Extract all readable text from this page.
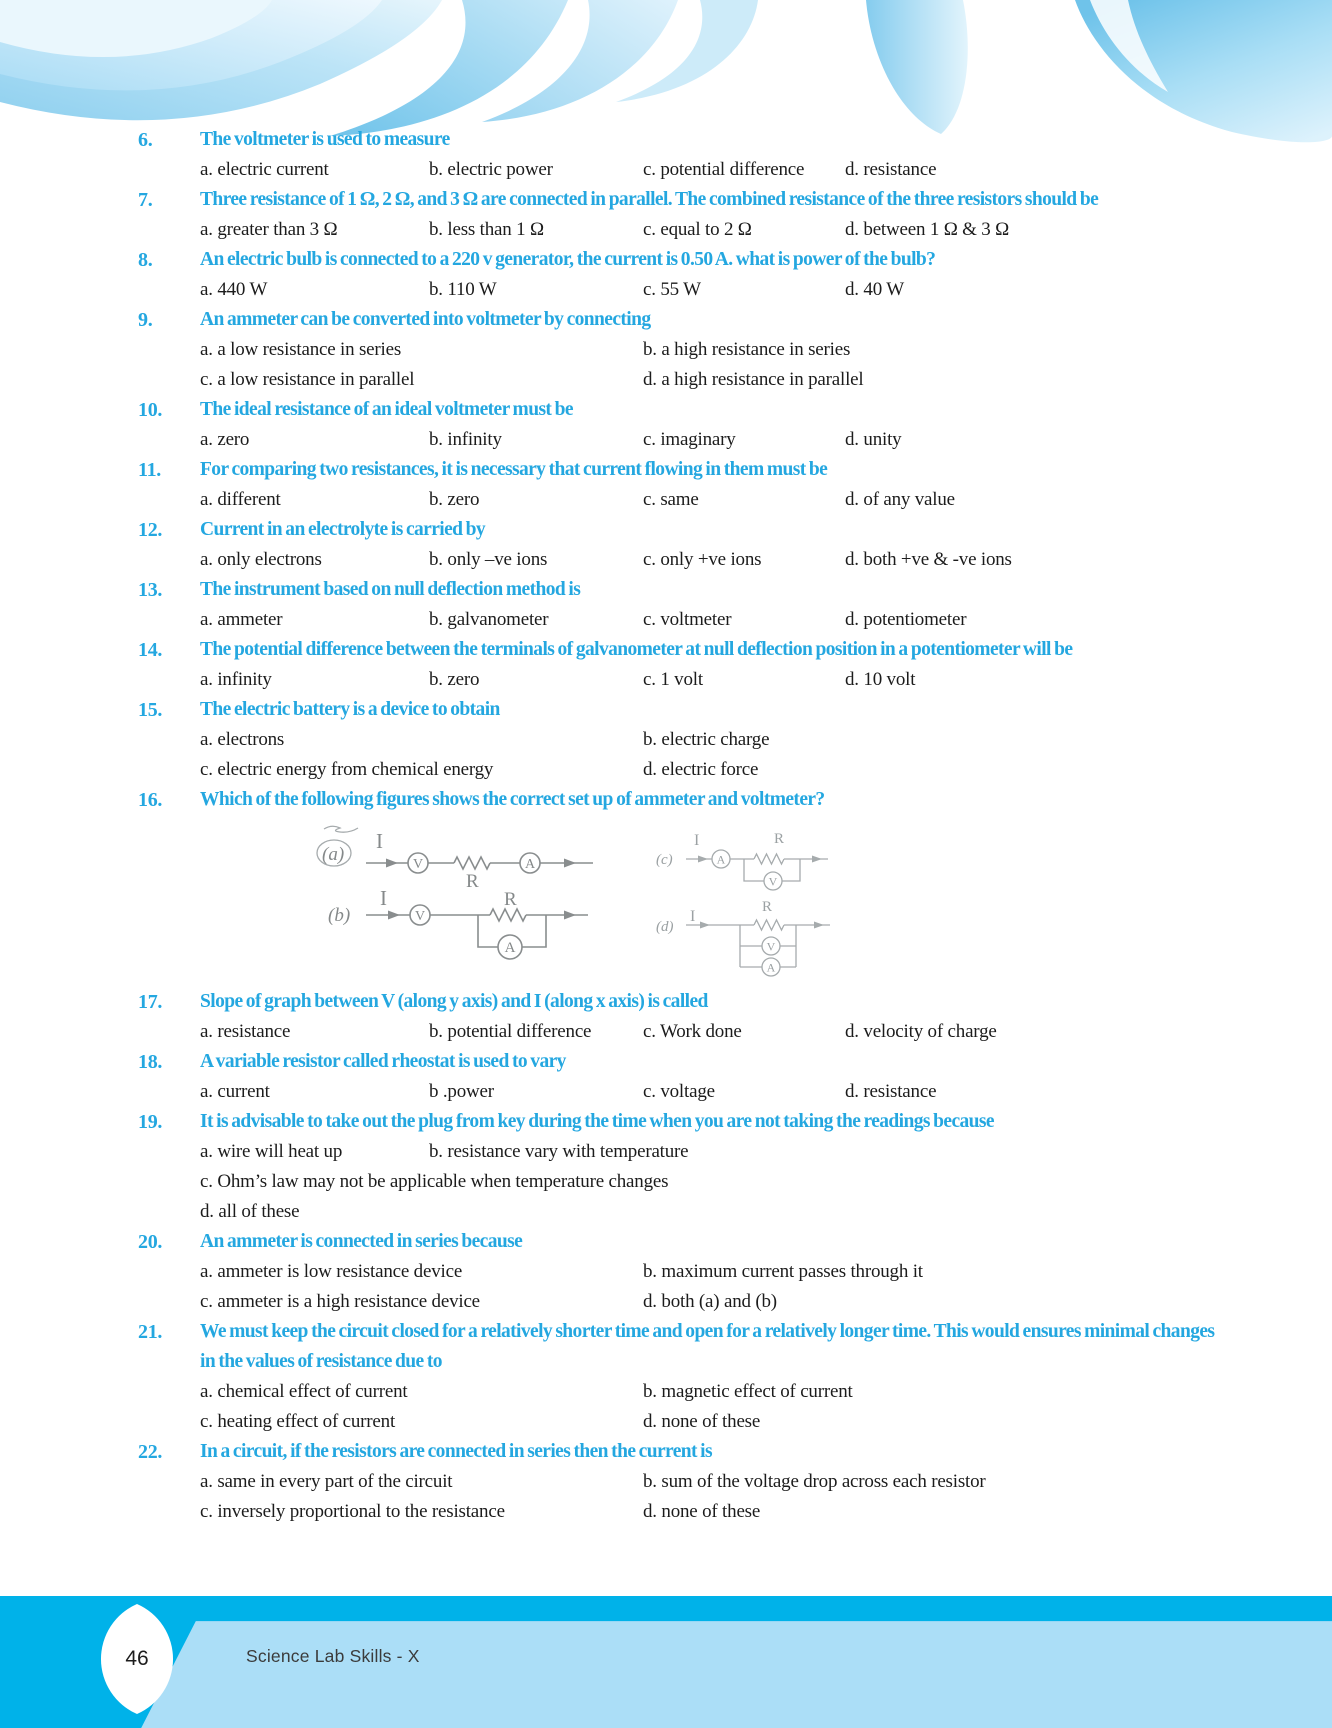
6.	The voltmeter is used to measure
a. electric current	b. electric power	c. potential difference	d. resistance
7.	Three resistance of 1 Ω, 2 Ω, and 3 Ω are connected in parallel. The combined resistance of the three resistors should be
a. greater than 3 Ω	b. less than 1 Ω	c. equal to 2 Ω	d. between 1 Ω & 3 Ω
8.	An electric bulb is connected to a 220 v generator, the current is 0.50 A. what is power of the bulb?
a. 440 W	b. 110 W	c. 55 W	d. 40 W
9.	An ammeter can be converted into voltmeter by connecting
a. a low resistance in series	b. a high resistance in series
c. a low resistance in parallel	d. a high resistance in parallel
10.	The ideal resistance of an ideal voltmeter must be
a. zero	b. infinity	c. imaginary	d. unity
11.	For comparing two resistances, it is necessary that current flowing in them must be
a. different	b. zero	c. same	d. of any value
12.	Current in an electrolyte is carried by
a. only electrons	b. only –ve ions	c. only +ve ions	d. both +ve & -ve ions
13.	The instrument based on null deflection method is
a. ammeter	b. galvanometer	c. voltmeter	d. potentiometer
14.	The potential difference between the terminals of galvanometer at null deflection position in a potentiometer will be
a. infinity	b. zero	c. 1 volt	d. 10 volt
15.	The electric battery is a device to obtain
a. electrons	b. electric charge
c. electric energy from chemical energy	d. electric force
16.	Which of the following figures shows the correct set up of ammeter and voltmeter?
(a)
I
V
R
A
(b)
I
V
R
A
(c)
I
A
R
V
(d)
I
R
V
A
17.	Slope of graph between V (along y axis) and I (along x axis) is called
a. resistance	b. potential difference	c. Work done	d. velocity of charge
18.	A variable resistor called rheostat is used to vary
a. current	b .power	c. voltage	d. resistance
19.	It is advisable to take out the plug from key during the time when you are not taking the readings because
a. wire will heat up	b. resistance vary with temperature
c. Ohm’s law may not be applicable when temperature changes
d. all of these
20.	An ammeter is connected in series because
a. ammeter is low resistance device	b. maximum current passes through it
c. ammeter is a high resistance device	d. both (a) and (b)
21.	We must keep the circuit closed for a relatively shorter time and open for a relatively longer time. This would ensures minimal changes in the values of resistance due to
a. chemical effect of current	b. magnetic effect of current
c. heating effect of current	d. none of these
22.	In a circuit, if the resistors are connected in series then the current is
a. same in every part of the circuit	b. sum of the voltage drop across each resistor
c. inversely proportional to the resistance	d. none of these
46	Science Lab Skills - X
